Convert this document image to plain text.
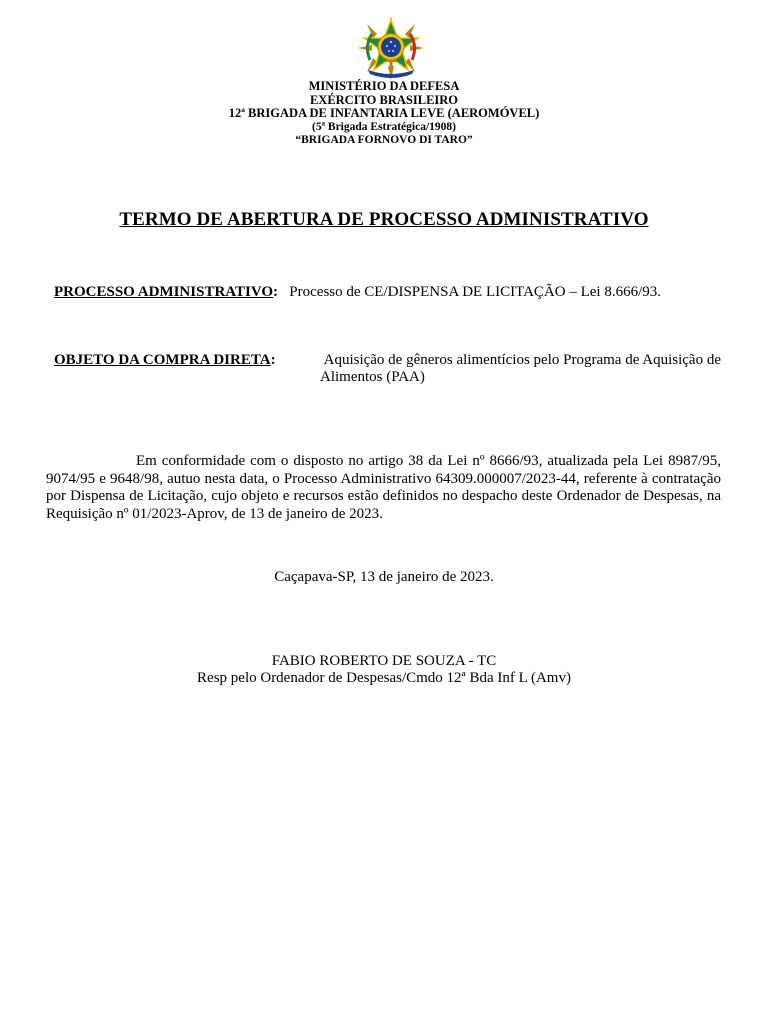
MINISTÉRIO DA DEFESA
EXÉRCITO BRASILEIRO
12ª BRIGADA DE INFANTARIA LEVE (AEROMÓVEL)
(5ª Brigada Estratégica/1908)
“BRIGADA FORNOVO DI TARO”
TERMO DE ABERTURA DE PROCESSO ADMINISTRATIVO
PROCESSO ADMINISTRATIVO: Processo de CE/DISPENSA DE LICITAÇÃO – Lei 8.666/93.
OBJETO DA COMPRA DIRETA:	Aquisição de gêneros alimentícios pelo Programa de Aquisição de
Alimentos (PAA)
Em conformidade com o disposto no artigo 38 da Lei nº 8666/93, atualizada pela Lei 8987/95, 9074/95 e 9648/98, autuo nesta data, o Processo Administrativo 64309.000007/2023-44, referente à contratação por Dispensa de Licitação, cujo objeto e recursos estão definidos no despacho deste Ordenador de Despesas, na Requisição nº 01/2023-Aprov, de 13 de janeiro de 2023.
Caçapava-SP, 13 de janeiro de 2023.
FABIO ROBERTO DE SOUZA - TC
Resp pelo Ordenador de Despesas/Cmdo 12ª Bda Inf L (Amv)
